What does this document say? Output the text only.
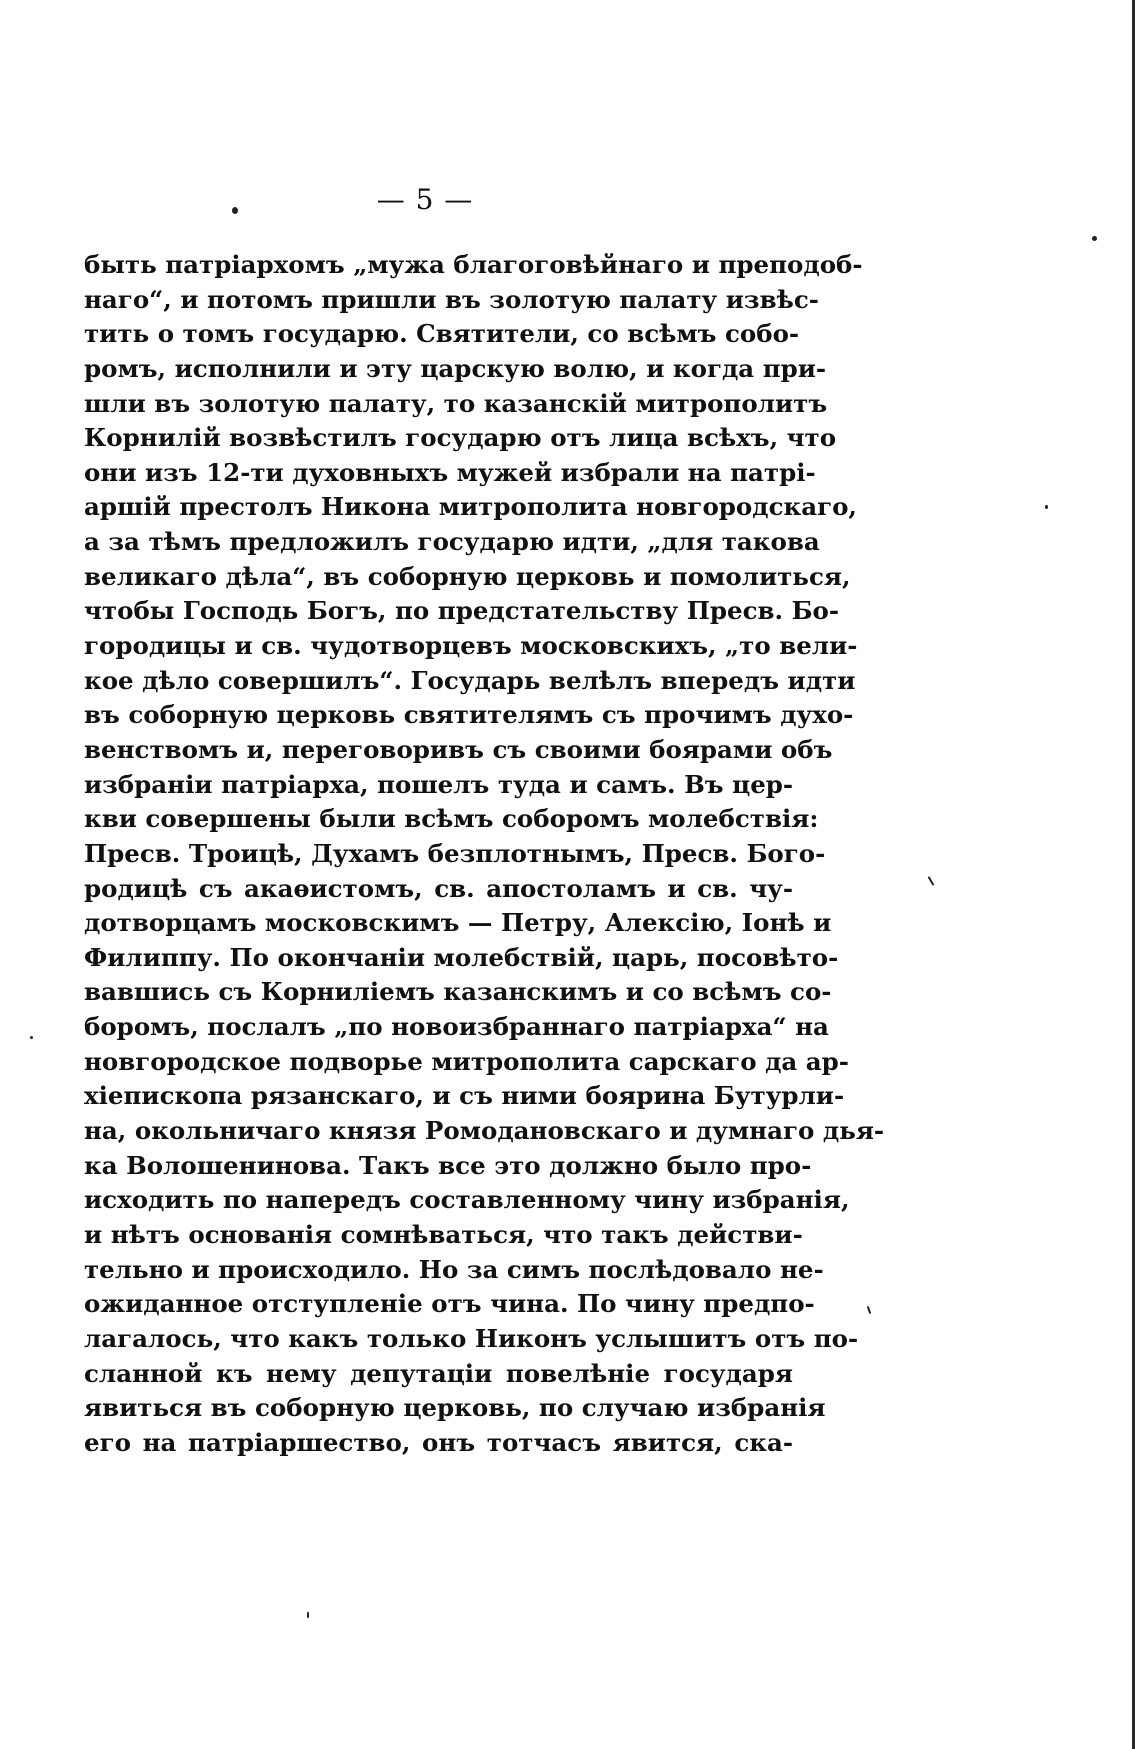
— 5 —
быть патріархомъ „мужа благоговѣйнаго и преподоб-
наго“, и потомъ пришли въ золотую палату извѣс-
тить о томъ государю. Святители, со всѣмъ собо-
ромъ, исполнили и эту царскую волю, и когда при-
шли въ золотую палату, то казанскій митрополитъ
Корнилій возвѣстилъ государю отъ лица всѣхъ, что
они изъ 12-ти духовныхъ мужей избрали на патрі-
аршій престолъ Никона митрополита новгородскаго,
а за тѣмъ предложилъ государю идти, „для такова
великаго дѣла“, въ соборную церковь и помолиться,
чтобы Господь Богъ, по предстательству Пресв. Бо-
городицы и св. чудотворцевъ московскихъ, „то вели-
кое дѣло совершилъ“. Государь велѣлъ впередъ идти
въ соборную церковь святителямъ съ прочимъ духо-
венствомъ и, переговоривъ съ своими боярами объ
избраніи патріарха, пошелъ туда и самъ. Въ цер-
кви совершены были всѣмъ соборомъ молебствія:
Пресв. Троицѣ, Духамъ безплотнымъ, Пресв. Бого-
родицѣ съ акаѳистомъ, св. апостоламъ и св. чу-
дотворцамъ московскимъ — Петру, Алексію, Іонѣ и
Филиппу. По окончаніи молебствій, царь, посовѣто-
вавшись съ Корниліемъ казанскимъ и со всѣмъ со-
боромъ, послалъ „по новоизбраннаго патріарха“ на
новгородское подворье митрополита сарскаго да ар-
хіепископа рязанскаго, и съ ними боярина Бутурли-
на, окольничаго князя Ромодановскаго и думнаго дья-
ка Волошенинова. Такъ все это должно было про-
исходить по напередъ составленному чину избранія,
и нѣтъ основанія сомнѣваться, что такъ действи-
тельно и происходило. Но за симъ послѣдовало не-
ожиданное отступленіе отъ чина. По чину предпо-
лагалось, что какъ только Никонъ услышитъ отъ по-
сланной къ нему депутаціи повелѣніе государя
явиться въ соборную церковь, по случаю избранія
его на патріаршество, онъ тотчасъ явится, ска-
